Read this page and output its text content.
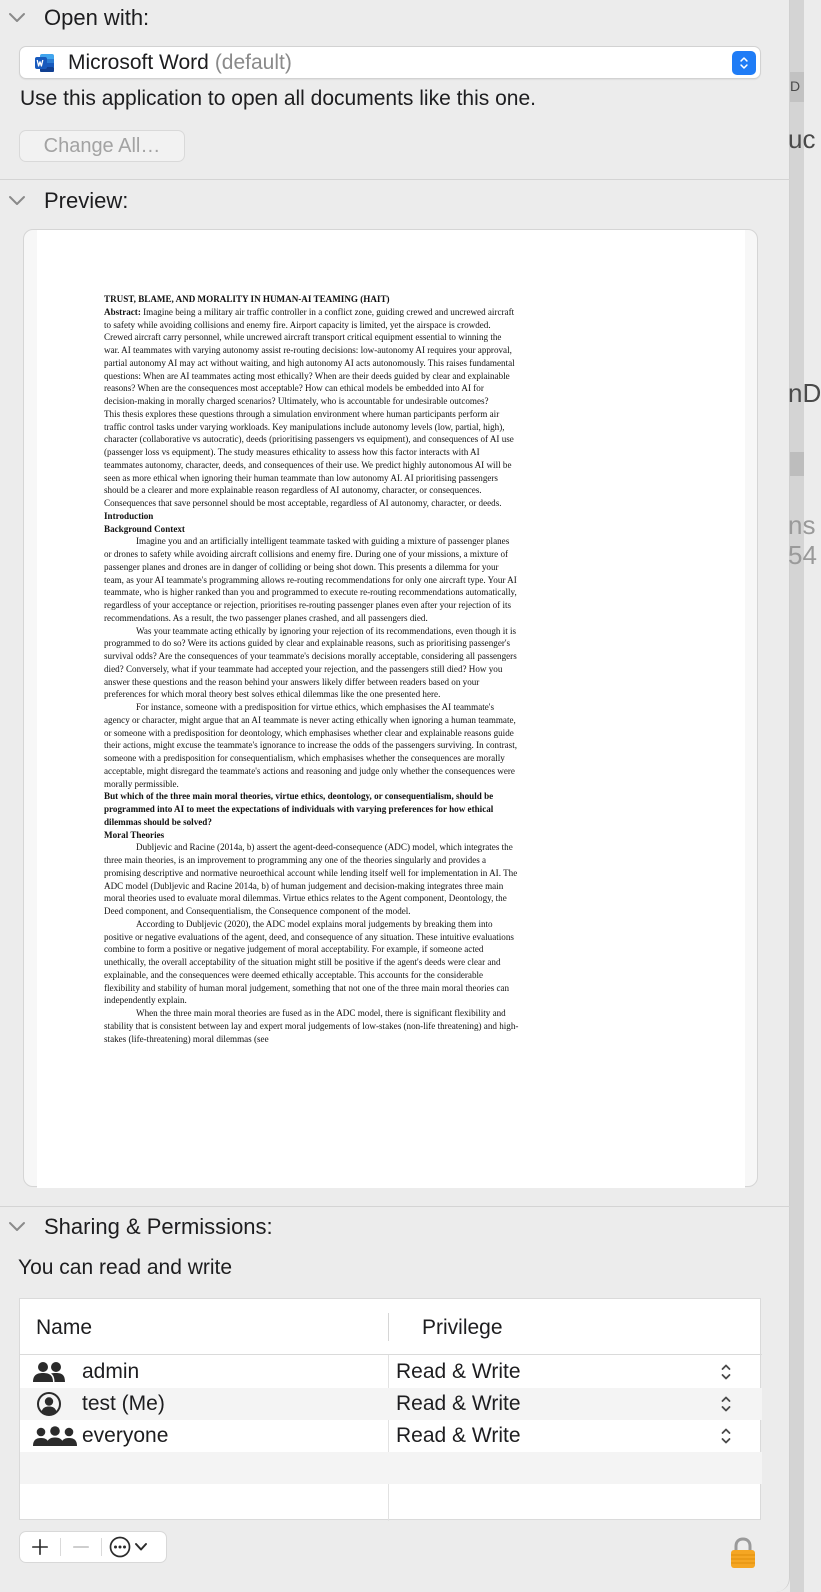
Open with:
Microsoft Word (default)
Use this application to open all documents like this one.
Change All…
Preview:

TRUST, BLAME, AND MORALITY IN HUMAN-AI TEAMING (HAIT)

Abstract: Imagine being a military air traffic controller in a conflict zone, guiding crewed and uncrewed aircraft to safety while avoiding collisions and enemy fire. Airport capacity is limited, yet the airspace is crowded. Crewed aircraft carry personnel, while uncrewed aircraft transport critical equipment essential to winning the war. AI teammates with varying autonomy assist re-routing decisions: low-autonomy AI requires your approval, partial autonomy AI may act without waiting, and high autonomy AI acts autonomously. This raises fundamental questions: When are AI teammates acting most ethically? When are their deeds guided by clear and explainable reasons? When are the consequences most acceptable? How can ethical models be embedded into AI for decision-making in morally charged scenarios? Ultimately, who is accountable for undesirable outcomes?

This thesis explores these questions through a simulation environment where human participants perform air traffic control tasks under varying workloads. Key manipulations include autonomy levels (low, partial, high), character (collaborative vs autocratic), deeds (prioritising passengers vs equipment), and consequences of AI use (passenger loss vs equipment). The study measures ethicality to assess how this factor interacts with AI teammates autonomy, character, deeds, and consequences of their use. We predict highly autonomous AI will be seen as more ethical when ignoring their human teammate than low autonomy AI. AI prioritising passengers should be a clearer and more explainable reason regardless of AI autonomy, character, or consequences. Consequences that save personnel should be most acceptable, regardless of AI autonomy, character, or deeds.

Introduction

Background Context

Imagine you and an artificially intelligent teammate tasked with guiding a mixture of passenger planes or drones to safety while avoiding aircraft collisions and enemy fire. During one of your missions, a mixture of passenger planes and drones are in danger of colliding or being shot down. This presents a dilemma for your team, as your AI teammate's programming allows re-routing recommendations for only one aircraft type. Your AI teammate, who is higher ranked than you and programmed to execute re-routing recommendations automatically, regardless of your acceptance or rejection, prioritises re-routing passenger planes even after your rejection of its recommendations. As a result, the two passenger planes crashed, and all passengers died.

Was your teammate acting ethically by ignoring your rejection of its recommendations, even though it is programmed to do so? Were its actions guided by clear and explainable reasons, such as prioritising passenger's survival odds? Are the consequences of your teammate's decisions morally acceptable, considering all passengers died? Conversely, what if your teammate had accepted your rejection, and the passengers still died? How you answer these questions and the reason behind your answers likely differ between readers based on your preferences for which moral theory best solves ethical dilemmas like the one presented here.

For instance, someone with a predisposition for virtue ethics, which emphasises the AI teammate's agency or character, might argue that an AI teammate is never acting ethically when ignoring a human teammate, or someone with a predisposition for deontology, which emphasises whether clear and explainable reasons guide their actions, might excuse the teammate's ignorance to increase the odds of the passengers surviving. In contrast, someone with a predisposition for consequentialism, which emphasises whether the consequences are morally acceptable, might disregard the teammate's actions and reasoning and judge only whether the consequences were morally permissible.

But which of the three main moral theories, virtue ethics, deontology, or consequentialism, should be programmed into AI to meet the expectations of individuals with varying preferences for how ethical dilemmas should be solved?

Moral Theories

Dubljevic and Racine (2014a, b) assert the agent-deed-consequence (ADC) model, which integrates the three main theories, is an improvement to programming any one of the theories singularly and provides a promising descriptive and normative neuroethical account while lending itself well for implementation in AI. The ADC model (Dubljevic and Racine 2014a, b) of human judgement and decision-making integrates three main moral theories used to evaluate moral dilemmas. Virtue ethics relates to the Agent component, Deontology, the Deed component, and Consequentialism, the Consequence component of the model.

According to Dubljevic (2020), the ADC model explains moral judgements by breaking them into positive or negative evaluations of the agent, deed, and consequence of any situation. These intuitive evaluations combine to form a positive or negative judgement of moral acceptability. For example, if someone acted unethically, the overall acceptability of the situation might still be positive if the agent's deeds were clear and explainable, and the consequences were deemed ethically acceptable. This accounts for the considerable flexibility and stability of human moral judgement, something that not one of the three main moral theories can independently explain.

When the three main moral theories are fused as in the ADC model, there is significant flexibility and stability that is consistent between lay and expert moral judgements of low-stakes (non-life threatening) and high-stakes (life-threatening) moral dilemmas (see

Sharing & Permissions:
You can read and write
Name	Privilege
admin	Read & Write
test (Me)	Read & Write
everyone	Read & Write
D
uc
nD
ns
54
